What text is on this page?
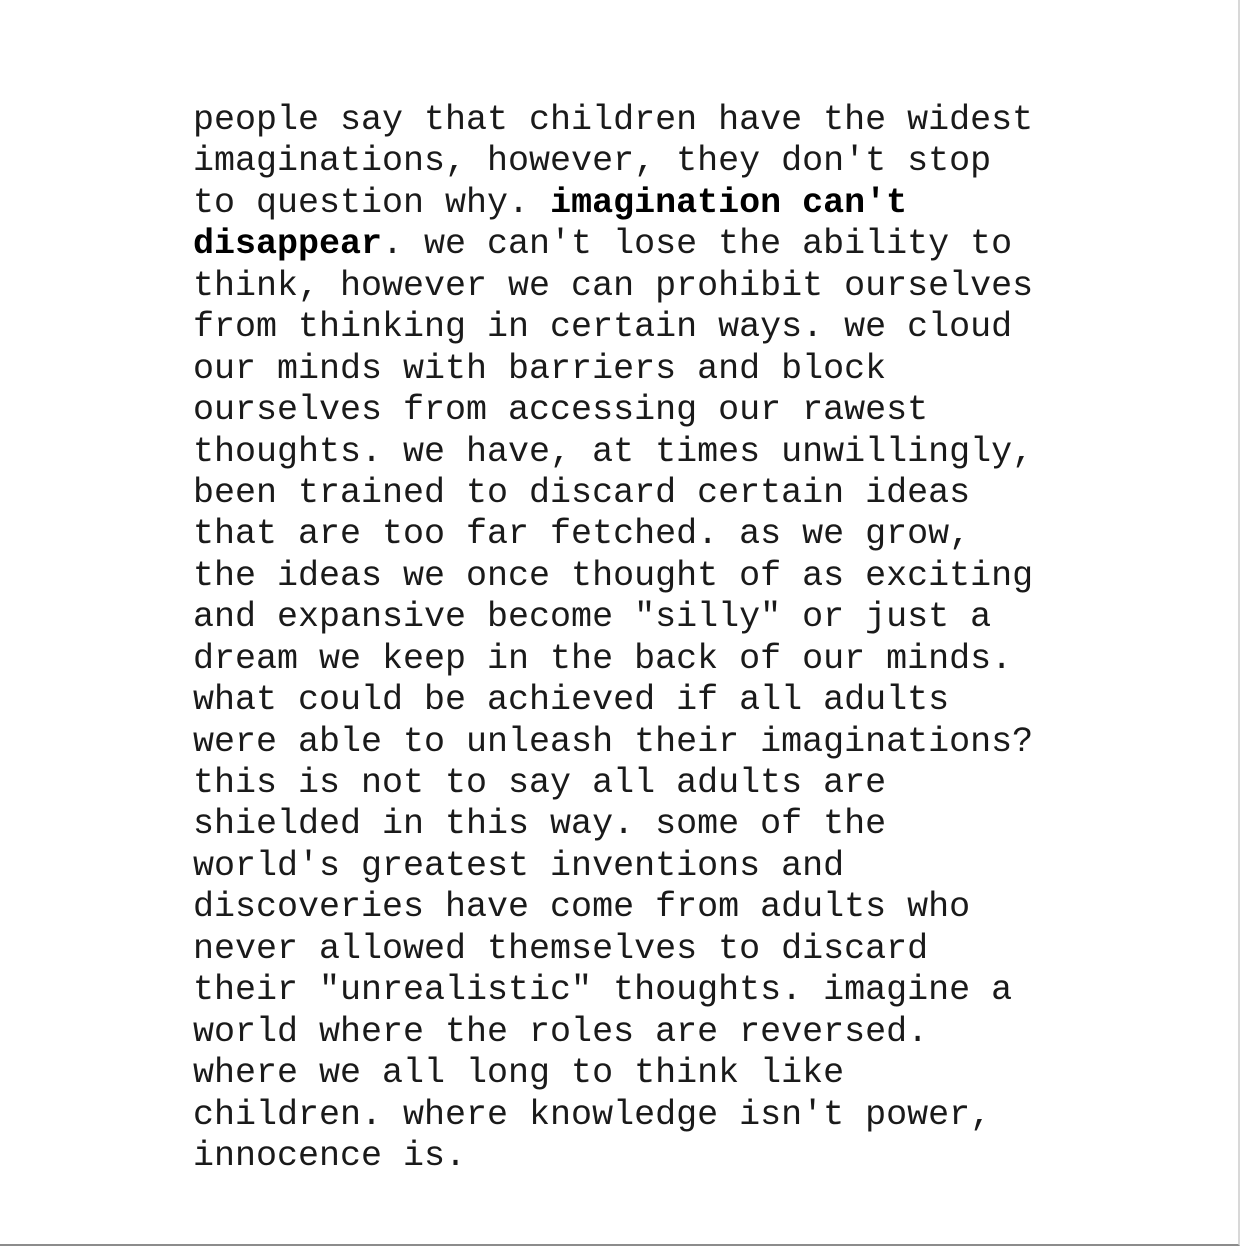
people say that children have the widest
imaginations, however, they don't stop
to question why. imagination can't
disappear. we can't lose the ability to
think, however we can prohibit ourselves
from thinking in certain ways. we cloud
our minds with barriers and block
ourselves from accessing our rawest
thoughts. we have, at times unwillingly,
been trained to discard certain ideas
that are too far fetched. as we grow,
the ideas we once thought of as exciting
and expansive become "silly" or just a
dream we keep in the back of our minds.
what could be achieved if all adults
were able to unleash their imaginations?
this is not to say all adults are
shielded in this way. some of the
world's greatest inventions and
discoveries have come from adults who
never allowed themselves to discard
their "unrealistic" thoughts. imagine a
world where the roles are reversed.
where we all long to think like
children. where knowledge isn't power,
innocence is.
